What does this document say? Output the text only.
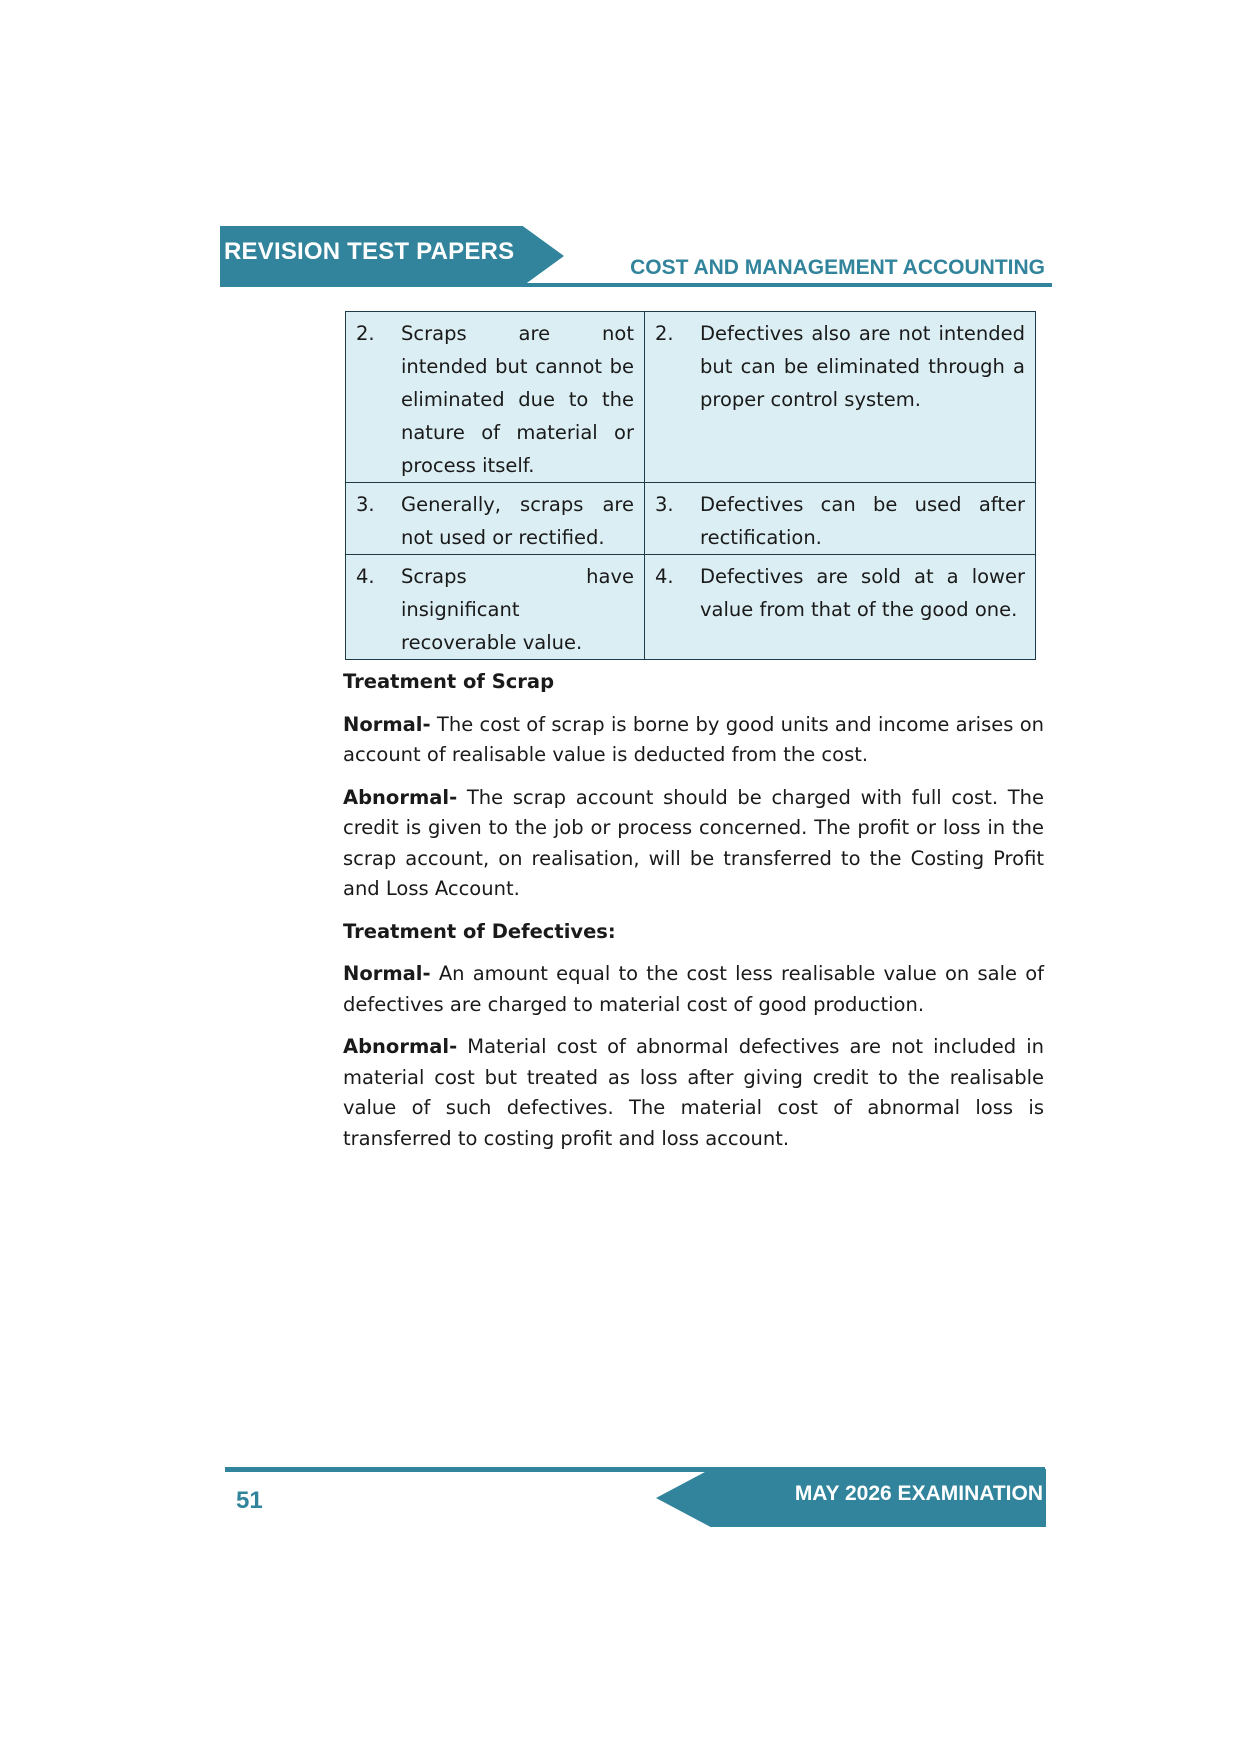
REVISION TEST PAPERS
COST AND MANAGEMENT ACCOUNTING
2. Scraps are not intended but cannot be eliminated due to the nature of material or process itself.	2. Defectives also are not intended but can be eliminated through a proper control system.

3. Generally, scraps are not used or rectified.	3. Defectives can be used after rectification.

4. Scraps have insignificant recoverable value.	4. Defectives are sold at a lower value from that of the good one.
Treatment of Scrap

Normal- The cost of scrap is borne by good units and income arises on account of realisable value is deducted from the cost.

Abnormal- The scrap account should be charged with full cost. The credit is given to the job or process concerned. The profit or loss in the scrap account, on realisation, will be transferred to the Costing Profit and Loss Account.

Treatment of Defectives:

Normal- An amount equal to the cost less realisable value on sale of defectives are charged to material cost of good production.

Abnormal- Material cost of abnormal defectives are not included in material cost but treated as loss after giving credit to the realisable value of such defectives. The material cost of abnormal loss is transferred to costing profit and loss account.

51	MAY 2026 EXAMINATION
